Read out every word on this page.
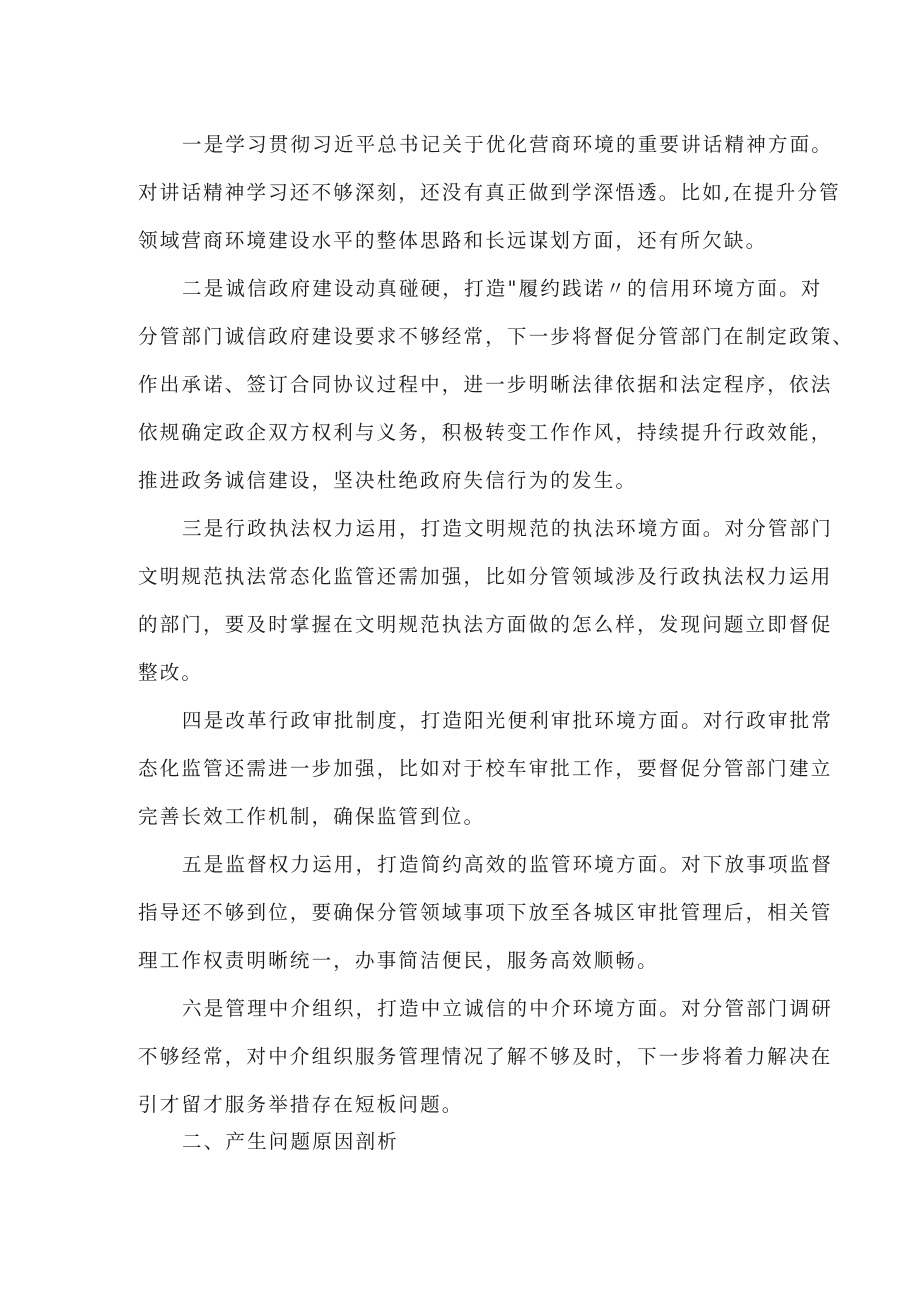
一是学习贯彻习近平总书记关于优化营商环境的重要讲话精神方面。
对讲话精神学习还不够深刻，还没有真正做到学深悟透。比如,在提升分管
领域营商环境建设水平的整体思路和长远谋划方面，还有所欠缺。
二是诚信政府建设动真碰硬，打造"履约践诺〃的信用环境方面。对
分管部门诚信政府建设要求不够经常，下一步将督促分管部门在制定政策、
作出承诺、签订合同协议过程中，进一步明晰法律依据和法定程序，依法
依规确定政企双方权利与义务，积极转变工作作风，持续提升行政效能，
推进政务诚信建设，坚决杜绝政府失信行为的发生。
三是行政执法权力运用，打造文明规范的执法环境方面。对分管部门
文明规范执法常态化监管还需加强，比如分管领域涉及行政执法权力运用
的部门，要及时掌握在文明规范执法方面做的怎么样，发现问题立即督促
整改。
四是改革行政审批制度，打造阳光便利审批环境方面。对行政审批常
态化监管还需进一步加强，比如对于校车审批工作，要督促分管部门建立
完善长效工作机制，确保监管到位。
五是监督权力运用，打造简约高效的监管环境方面。对下放事项监督
指导还不够到位，要确保分管领域事项下放至各城区审批管理后，相关管
理工作权责明晰统一，办事简洁便民，服务高效顺畅。
六是管理中介组织，打造中立诚信的中介环境方面。对分管部门调研
不够经常，对中介组织服务管理情况了解不够及时，下一步将着力解决在
引才留才服务举措存在短板问题。
二、产生问题原因剖析
